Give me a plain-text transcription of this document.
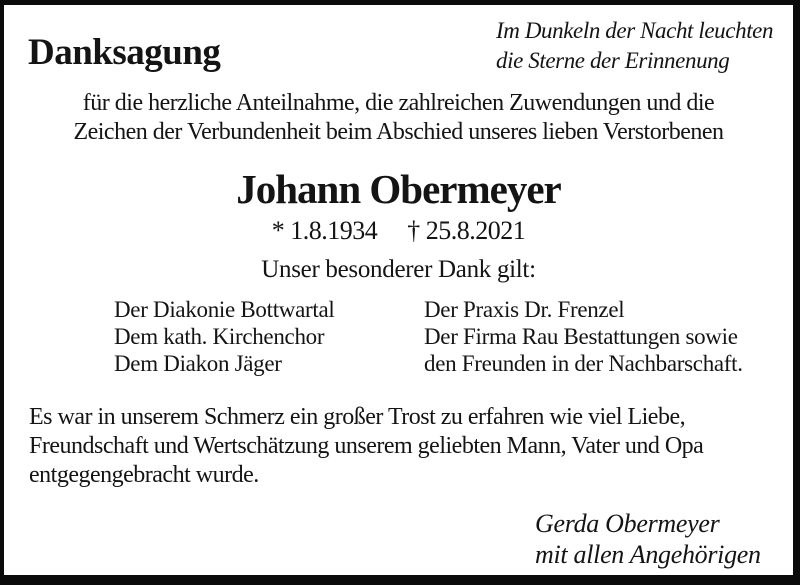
Danksagung
Im Dunkeln der Nacht leuchten
die Sterne der Erinnenung
für die herzliche Anteilnahme, die zahlreichen Zuwendungen und die
Zeichen der Verbundenheit beim Abschied unseres lieben Verstorbenen
Johann Obermeyer
* 1.8.1934 † 25.8.2021
Unser besonderer Dank gilt:
Der Diakonie Bottwartal
Dem kath. Kirchenchor
Dem Diakon Jäger
Der Praxis Dr. Frenzel
Der Firma Rau Bestattungen sowie
den Freunden in der Nachbarschaft.
Es war in unserem Schmerz ein großer Trost zu erfahren wie viel Liebe,
Freundschaft und Wertschätzung unserem geliebten Mann, Vater und Opa
entgegengebracht wurde.
Gerda Obermeyer
mit allen Angehörigen
